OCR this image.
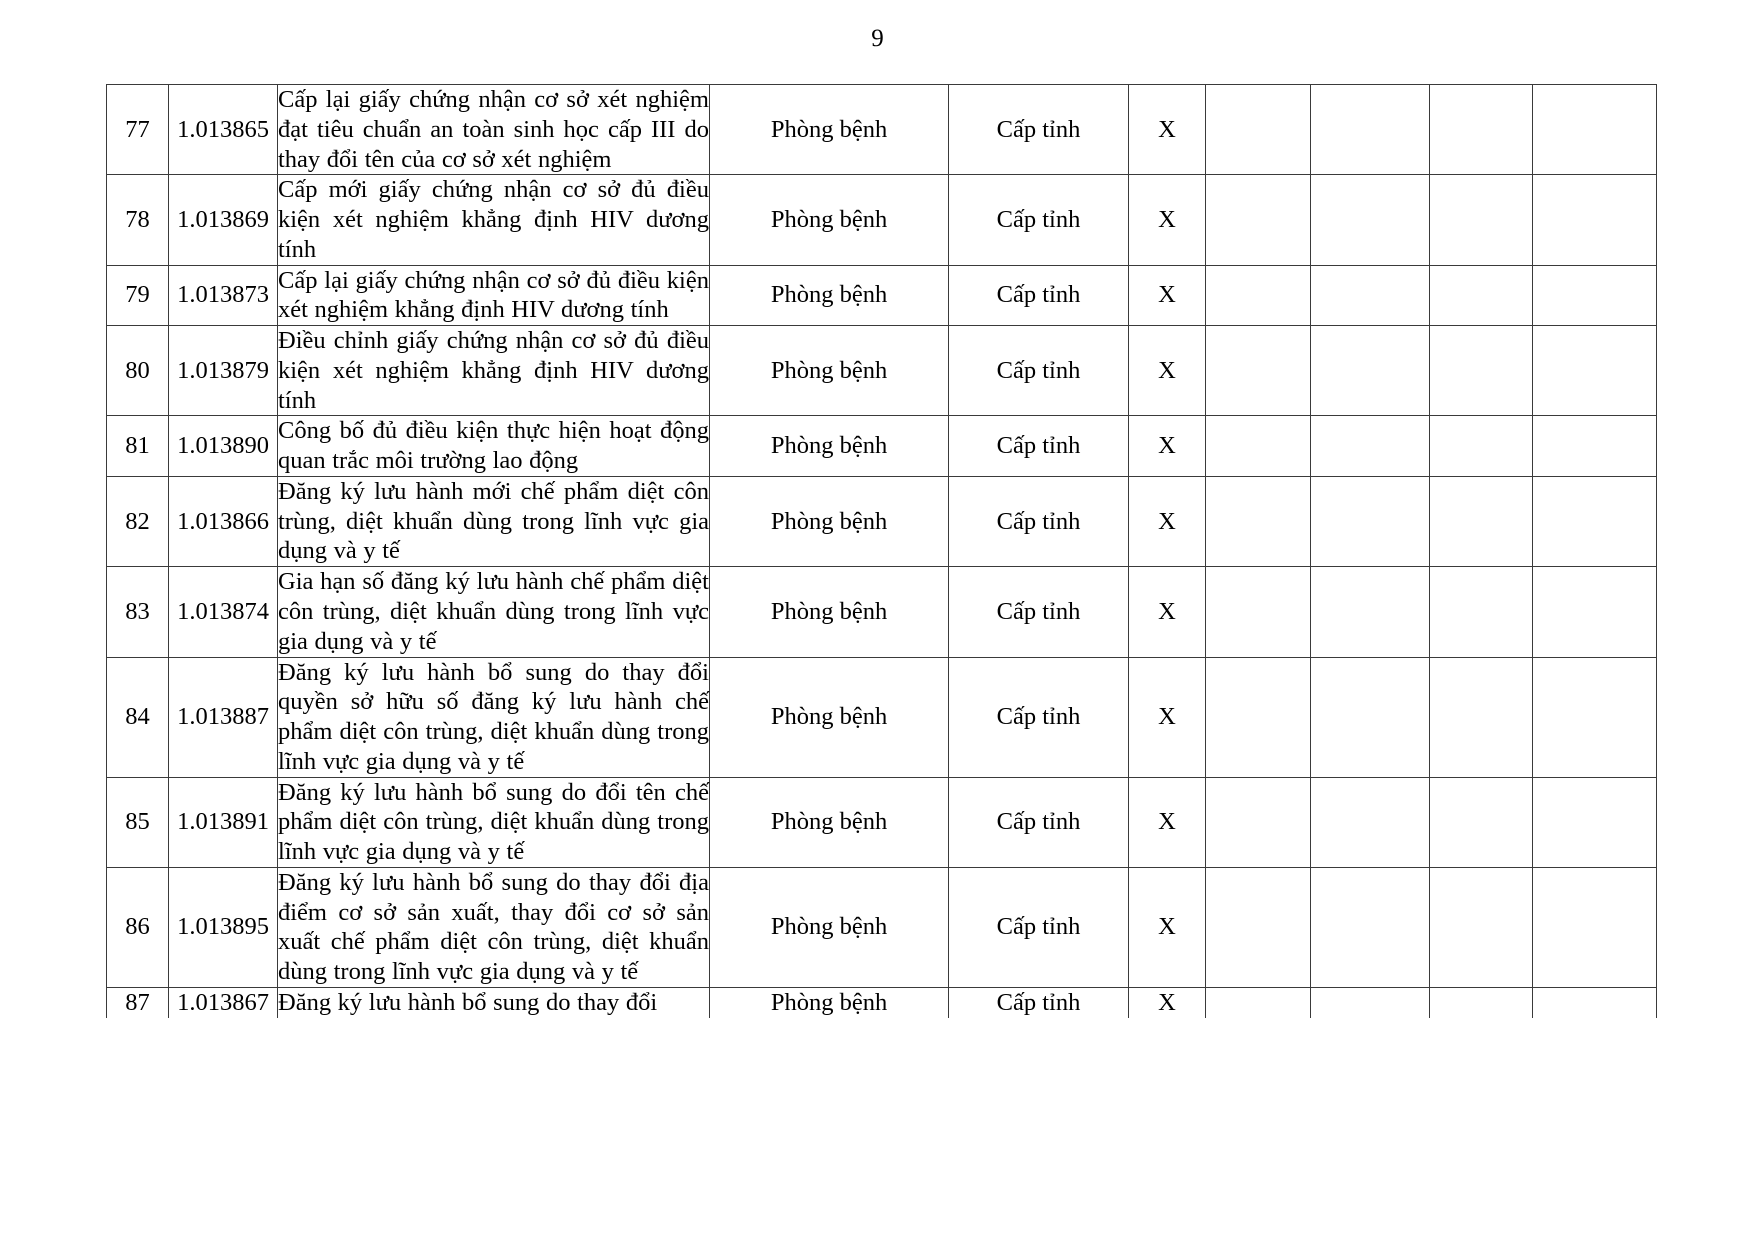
9
77	1.013865	Cấp lại giấy chứng nhận cơ sở xét nghiệm đạt tiêu chuẩn an toàn sinh học cấp III do thay đổi tên của cơ sở xét nghiệm	Phòng bệnh	Cấp tỉnh	X				
78	1.013869	Cấp mới giấy chứng nhận cơ sở đủ điều kiện xét nghiệm khẳng định HIV dương tính	Phòng bệnh	Cấp tỉnh	X				
79	1.013873	Cấp lại giấy chứng nhận cơ sở đủ điều kiện xét nghiệm khẳng định HIV dương tính	Phòng bệnh	Cấp tỉnh	X				
80	1.013879	Điều chỉnh giấy chứng nhận cơ sở đủ điều kiện xét nghiệm khẳng định HIV dương tính	Phòng bệnh	Cấp tỉnh	X				
81	1.013890	Công bố đủ điều kiện thực hiện hoạt động quan trắc môi trường lao động	Phòng bệnh	Cấp tỉnh	X				
82	1.013866	Đăng ký lưu hành mới chế phẩm diệt côn trùng, diệt khuẩn dùng trong lĩnh vực gia dụng và y tế	Phòng bệnh	Cấp tỉnh	X				
83	1.013874	Gia hạn số đăng ký lưu hành chế phẩm diệt côn trùng, diệt khuẩn dùng trong lĩnh vực gia dụng và y tế	Phòng bệnh	Cấp tỉnh	X				
84	1.013887	Đăng ký lưu hành bổ sung do thay đổi quyền sở hữu số đăng ký lưu hành chế phẩm diệt côn trùng, diệt khuẩn dùng trong lĩnh vực gia dụng và y tế	Phòng bệnh	Cấp tỉnh	X				
85	1.013891	Đăng ký lưu hành bổ sung do đổi tên chế phẩm diệt côn trùng, diệt khuẩn dùng trong lĩnh vực gia dụng và y tế	Phòng bệnh	Cấp tỉnh	X				
86	1.013895	Đăng ký lưu hành bổ sung do thay đổi địa điểm cơ sở sản xuất, thay đổi cơ sở sản xuất chế phẩm diệt côn trùng, diệt khuẩn dùng trong lĩnh vực gia dụng và y tế	Phòng bệnh	Cấp tỉnh	X				
87	1.013867	Đăng ký lưu hành bổ sung do thay đổi	Phòng bệnh	Cấp tỉnh	X				
